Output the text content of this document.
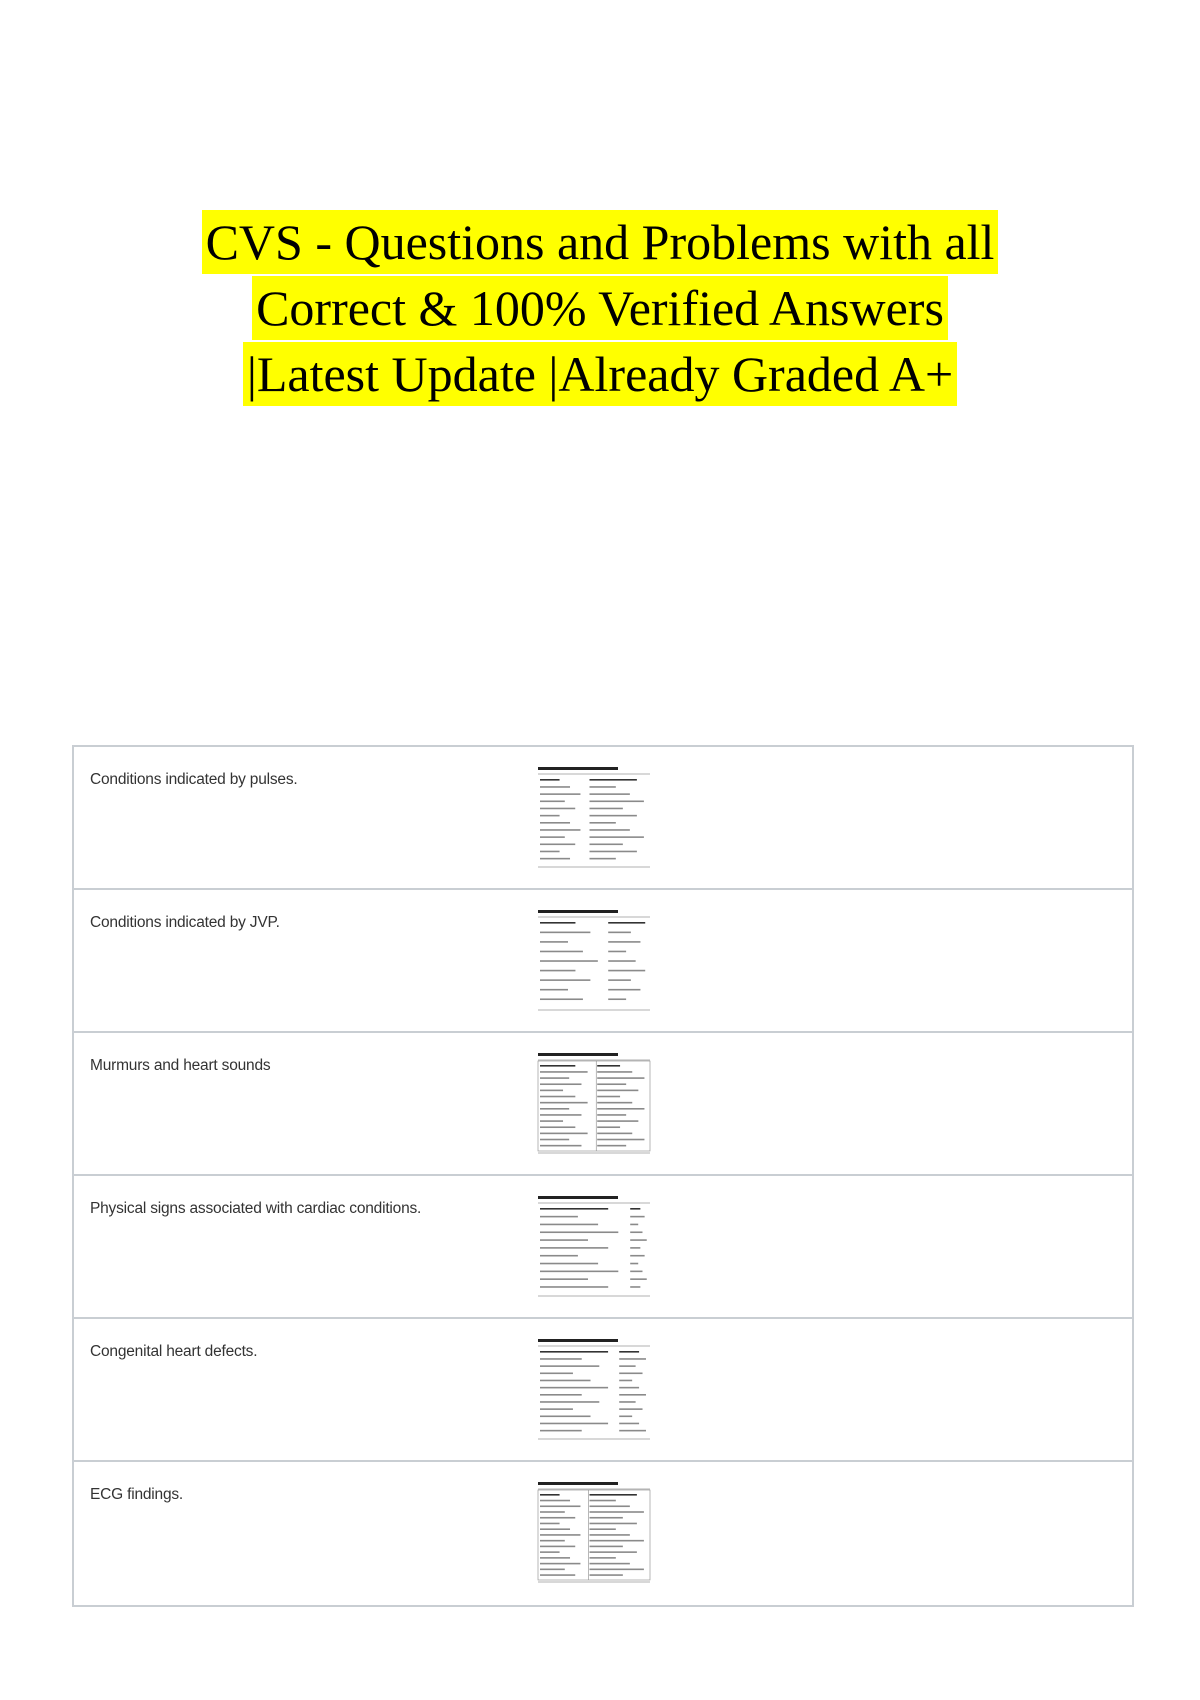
CVS - Questions and Problems with all
Correct & 100% Verified Answers
|Latest Update |Already Graded A+
Conditions indicated by pulses.
Conditions indicated by JVP.
Murmurs and heart sounds
Physical signs associated with cardiac conditions.
Congenital heart defects.
ECG findings.
